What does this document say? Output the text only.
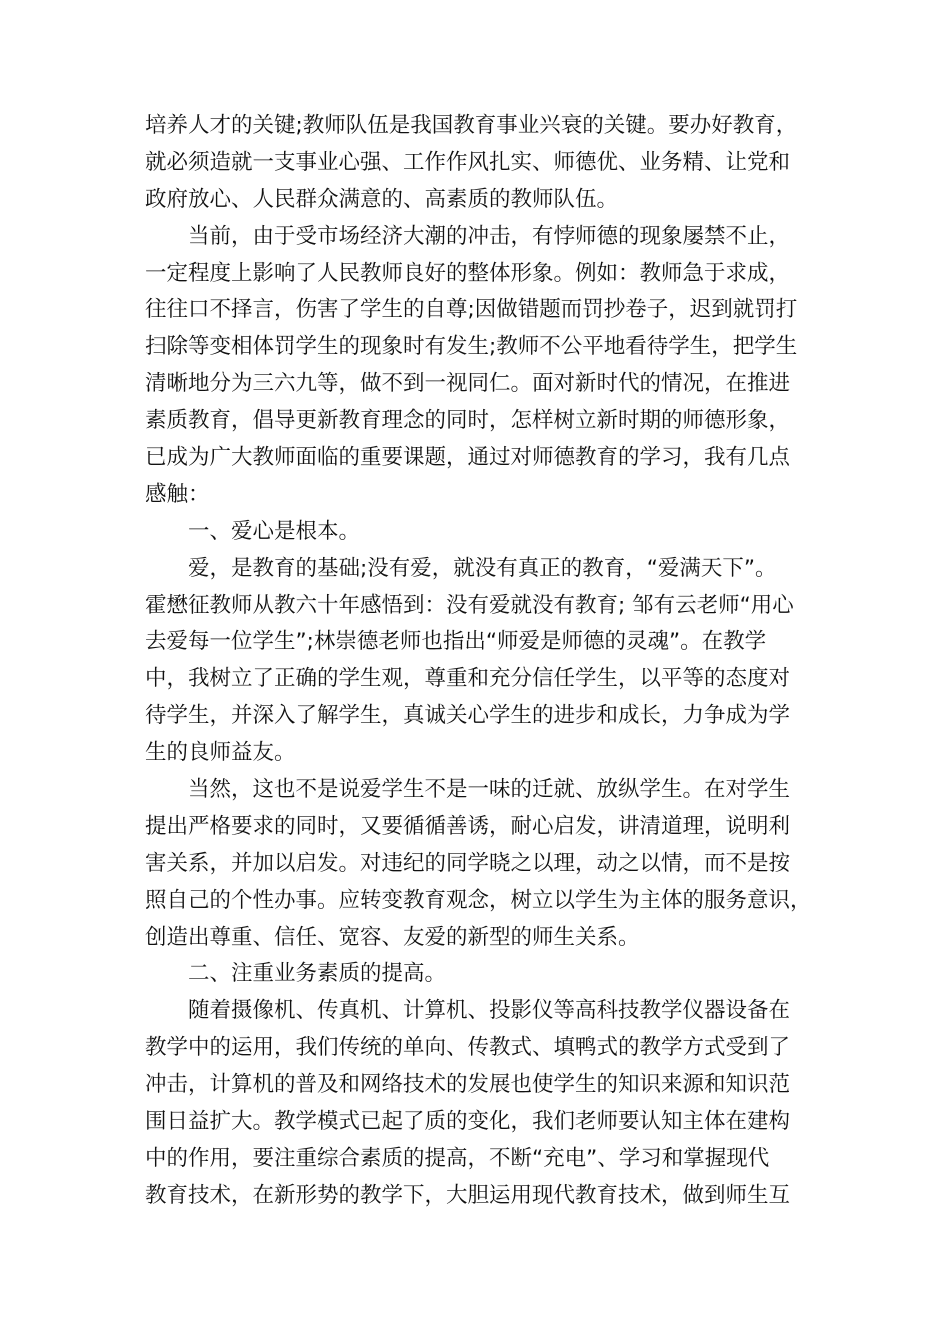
培养人才的关键;教师队伍是我国教育事业兴衰的关键。要办好教育，
就必须造就一支事业心强、工作作风扎实、师德优、业务精、让党和
政府放心、人民群众满意的、高素质的教师队伍。
当前，由于受市场经济大潮的冲击，有悖师德的现象屡禁不止，
一定程度上影响了人民教师良好的整体形象。例如：教师急于求成，
往往口不择言，伤害了学生的自尊;因做错题而罚抄卷子，迟到就罚打
扫除等变相体罚学生的现象时有发生;教师不公平地看待学生，把学生
清晰地分为三六九等，做不到一视同仁。面对新时代的情况，在推进
素质教育，倡导更新教育理念的同时，怎样树立新时期的师德形象，
已成为广大教师面临的重要课题，通过对师德教育的学习，我有几点
感触：
一、爱心是根本。
爱，是教育的基础;没有爱，就没有真正的教育，“爱满天下”。
霍懋征教师从教六十年感悟到：没有爱就没有教育; 邹有云老师“用心
去爱每一位学生”;林崇德老师也指出“师爱是师德的灵魂”。在教学
中，我树立了正确的学生观，尊重和充分信任学生，以平等的态度对
待学生，并深入了解学生，真诚关心学生的进步和成长，力争成为学
生的良师益友。
当然，这也不是说爱学生不是一味的迁就、放纵学生。在对学生
提出严格要求的同时，又要循循善诱，耐心启发，讲清道理，说明利
害关系，并加以启发。对违纪的同学晓之以理，动之以情，而不是按
照自己的个性办事。应转变教育观念，树立以学生为主体的服务意识，
创造出尊重、信任、宽容、友爱的新型的师生关系。
二、注重业务素质的提高。
随着摄像机、传真机、计算机、投影仪等高科技教学仪器设备在
教学中的运用，我们传统的单向、传教式、填鸭式的教学方式受到了
冲击，计算机的普及和网络技术的发展也使学生的知识来源和知识范
围日益扩大。教学模式已起了质的变化，我们老师要认知主体在建构
中的作用，要注重综合素质的提高，不断“充电”、学习和掌握现代
教育技术，在新形势的教学下，大胆运用现代教育技术，做到师生互
